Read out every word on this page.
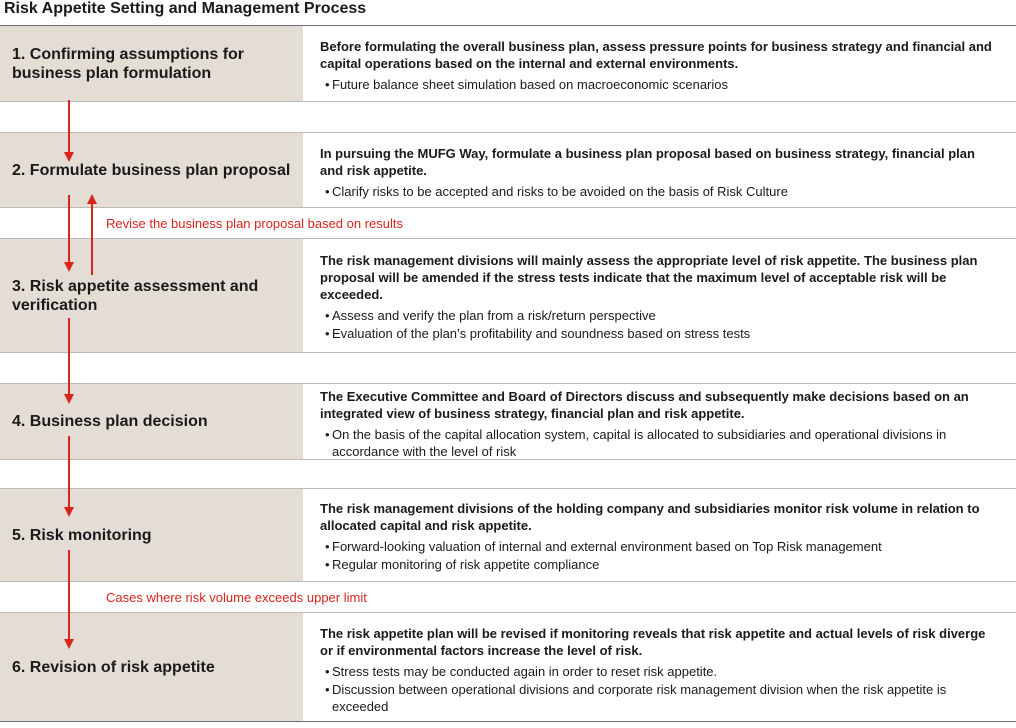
Risk Appetite Setting and Management Process
1. Confirming assumptions for business plan formulation
Before formulating the overall business plan, assess pressure points for business strategy and financial and capital operations based on the internal and external environments.
• Future balance sheet simulation based on macroeconomic scenarios
2. Formulate business plan proposal
In pursuing the MUFG Way, formulate a business plan proposal based on business strategy, financial plan and risk appetite.
• Clarify risks to be accepted and risks to be avoided on the basis of Risk Culture
Revise the business plan proposal based on results
3. Risk appetite assessment and verification
The risk management divisions will mainly assess the appropriate level of risk appetite. The business plan proposal will be amended if the stress tests indicate that the maximum level of acceptable risk will be exceeded.
• Assess and verify the plan from a risk/return perspective
• Evaluation of the plan’s profitability and soundness based on stress tests
4. Business plan decision
The Executive Committee and Board of Directors discuss and subsequently make decisions based on an integrated view of business strategy, financial plan and risk appetite.
• On the basis of the capital allocation system, capital is allocated to subsidiaries and operational divisions in accordance with the level of risk
5. Risk monitoring
The risk management divisions of the holding company and subsidiaries monitor risk volume in relation to allocated capital and risk appetite.
• Forward-looking valuation of internal and external environment based on Top Risk management
• Regular monitoring of risk appetite compliance
Cases where risk volume exceeds upper limit
6. Revision of risk appetite
The risk appetite plan will be revised if monitoring reveals that risk appetite and actual levels of risk diverge or if environmental factors increase the level of risk.
• Stress tests may be conducted again in order to reset risk appetite.
• Discussion between operational divisions and corporate risk management division when the risk appetite is exceeded
